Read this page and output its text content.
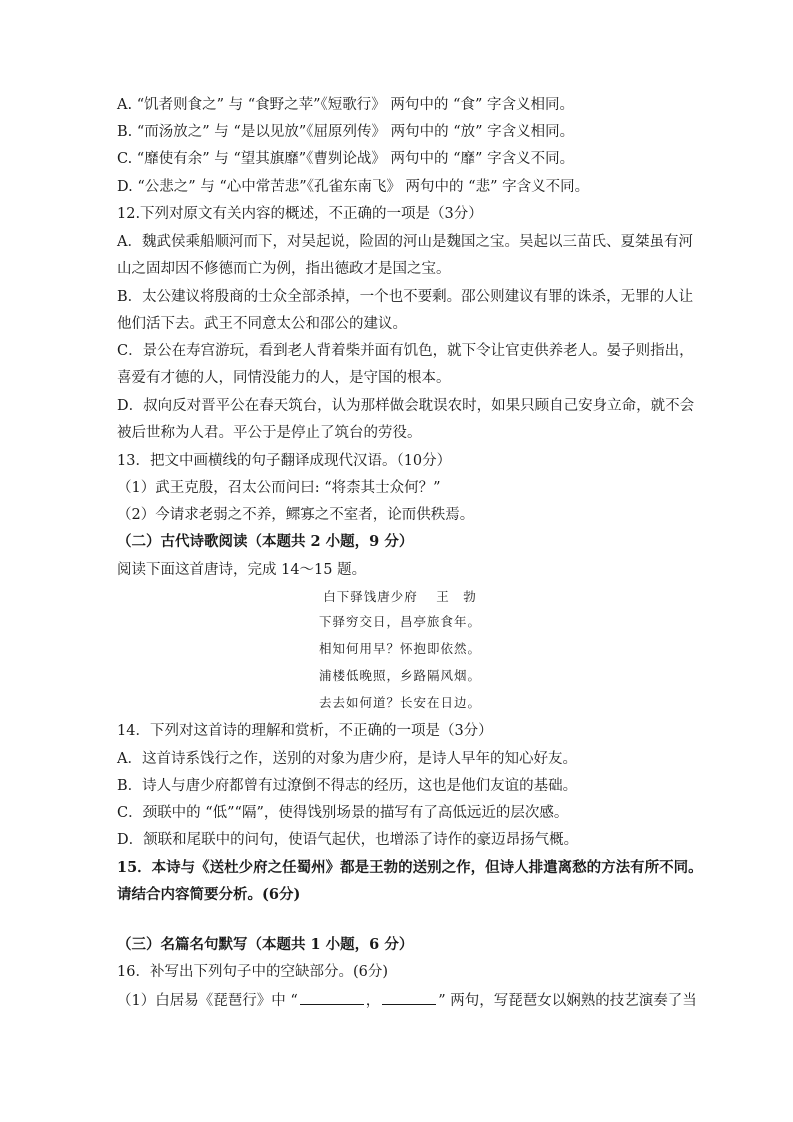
A. “饥者则食之” 与 “食野之苹”《短歌行》 两句中的 “食” 字含义相同。
B. “而汤放之” 与 “是以见放”《屈原列传》 两句中的 “放” 字含义相同。
C. “靡使有余” 与 “望其旗靡”《曹刿论战》 两句中的 “靡” 字含义不同。
D. “公悲之” 与 “心中常苦悲”《孔雀东南飞》 两句中的 “悲” 字含义不同。
12.下列对原文有关内容的概述，不正确的一项是（3分）
A．魏武侯乘船顺河而下，对吴起说，险固的河山是魏国之宝。吴起以三苗氏、夏桀虽有河
山之固却因不修德而亡为例，指出德政才是国之宝。
B．太公建议将殷商的士众全部杀掉，一个也不要剩。邵公则建议有罪的诛杀，无罪的人让
他们活下去。武王不同意太公和邵公的建议。
C．景公在寿宫游玩，看到老人背着柴并面有饥色，就下令让官吏供养老人。晏子则指出，
喜爱有才德的人，同情没能力的人，是守国的根本。
D．叔向反对晋平公在春天筑台，认为那样做会耽误农时，如果只顾自己安身立命，就不会
被后世称为人君。平公于是停止了筑台的劳役。
13．把文中画横线的句子翻译成现代汉语。（10分）
（1）武王克殷，召太公而问曰: “将柰其士众何？”
（2）今请求老弱之不养，鳏寡之不室者，论而供秩焉。
（二）古代诗歌阅读（本题共 2 小题，9 分）
阅读下面这首唐诗，完成 14～15 题。
白下驿饯唐少府　 王　勃
下驿穷交日，昌亭旅食年。
相知何用早？怀抱即依然。
浦楼低晚照，乡路隔风烟。
去去如何道？长安在日边。
14．下列对这首诗的理解和赏析，不正确的一项是（3分）
A．这首诗系饯行之作，送别的对象为唐少府，是诗人早年的知心好友。
B．诗人与唐少府都曾有过潦倒不得志的经历，这也是他们友谊的基础。
C．颈联中的 “低”“隔”，使得饯别场景的描写有了高低远近的层次感。
D．颔联和尾联中的问句，使语气起伏，也增添了诗作的豪迈昂扬气概。
15．本诗与《送杜少府之任蜀州》都是王勃的送别之作，但诗人排遣离愁的方法有所不同。
请结合内容简要分析。(6分)
（三）名篇名句默写（本题共 1 小题，6 分）
16．补写出下列句子中的空缺部分。(6分)
（1）白居易《琵琶行》中 “	，	” 两句，写琵琶女以娴熟的技艺演奏了当
